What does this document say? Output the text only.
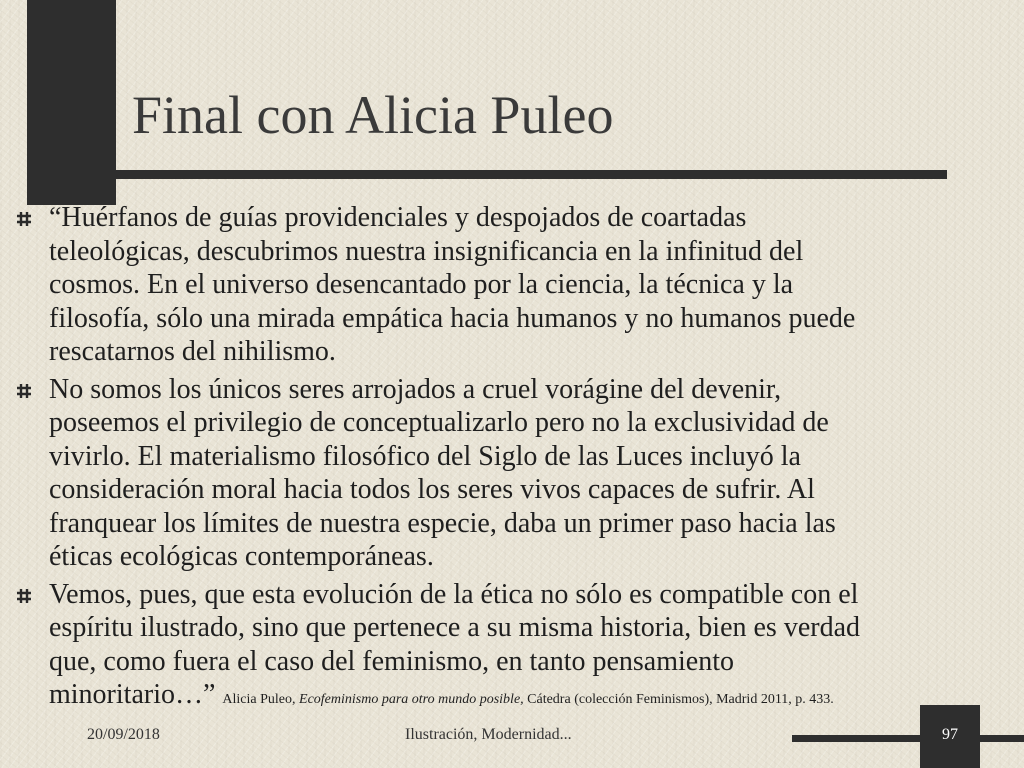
Final con Alicia Puleo
“Huérfanos de guías providenciales y despojados de coartadas
teleológicas, descubrimos nuestra insignificancia en la infinitud del
cosmos. En el universo desencantado por la ciencia, la técnica y la
filosofía, sólo una mirada empática hacia humanos y no humanos puede
rescatarnos del nihilismo.
No somos los únicos seres arrojados a cruel vorágine del devenir,
poseemos el privilegio de conceptualizarlo pero no la exclusividad de
vivirlo. El materialismo filosófico del Siglo de las Luces incluyó la
consideración moral hacia todos los seres vivos capaces de sufrir. Al
franquear los límites de nuestra especie, daba un primer paso hacia las
éticas ecológicas contemporáneas.
Vemos, pues, que esta evolución de la ética no sólo es compatible con el
espíritu ilustrado, sino que pertenece a su misma historia, bien es verdad
que, como fuera el caso del feminismo, en tanto pensamiento
minoritario…” Alicia Puleo, Ecofeminismo para otro mundo posible, Cátedra (colección Feminismos), Madrid 2011, p. 433.
20/09/2018	Ilustración, Modernidad...	97
